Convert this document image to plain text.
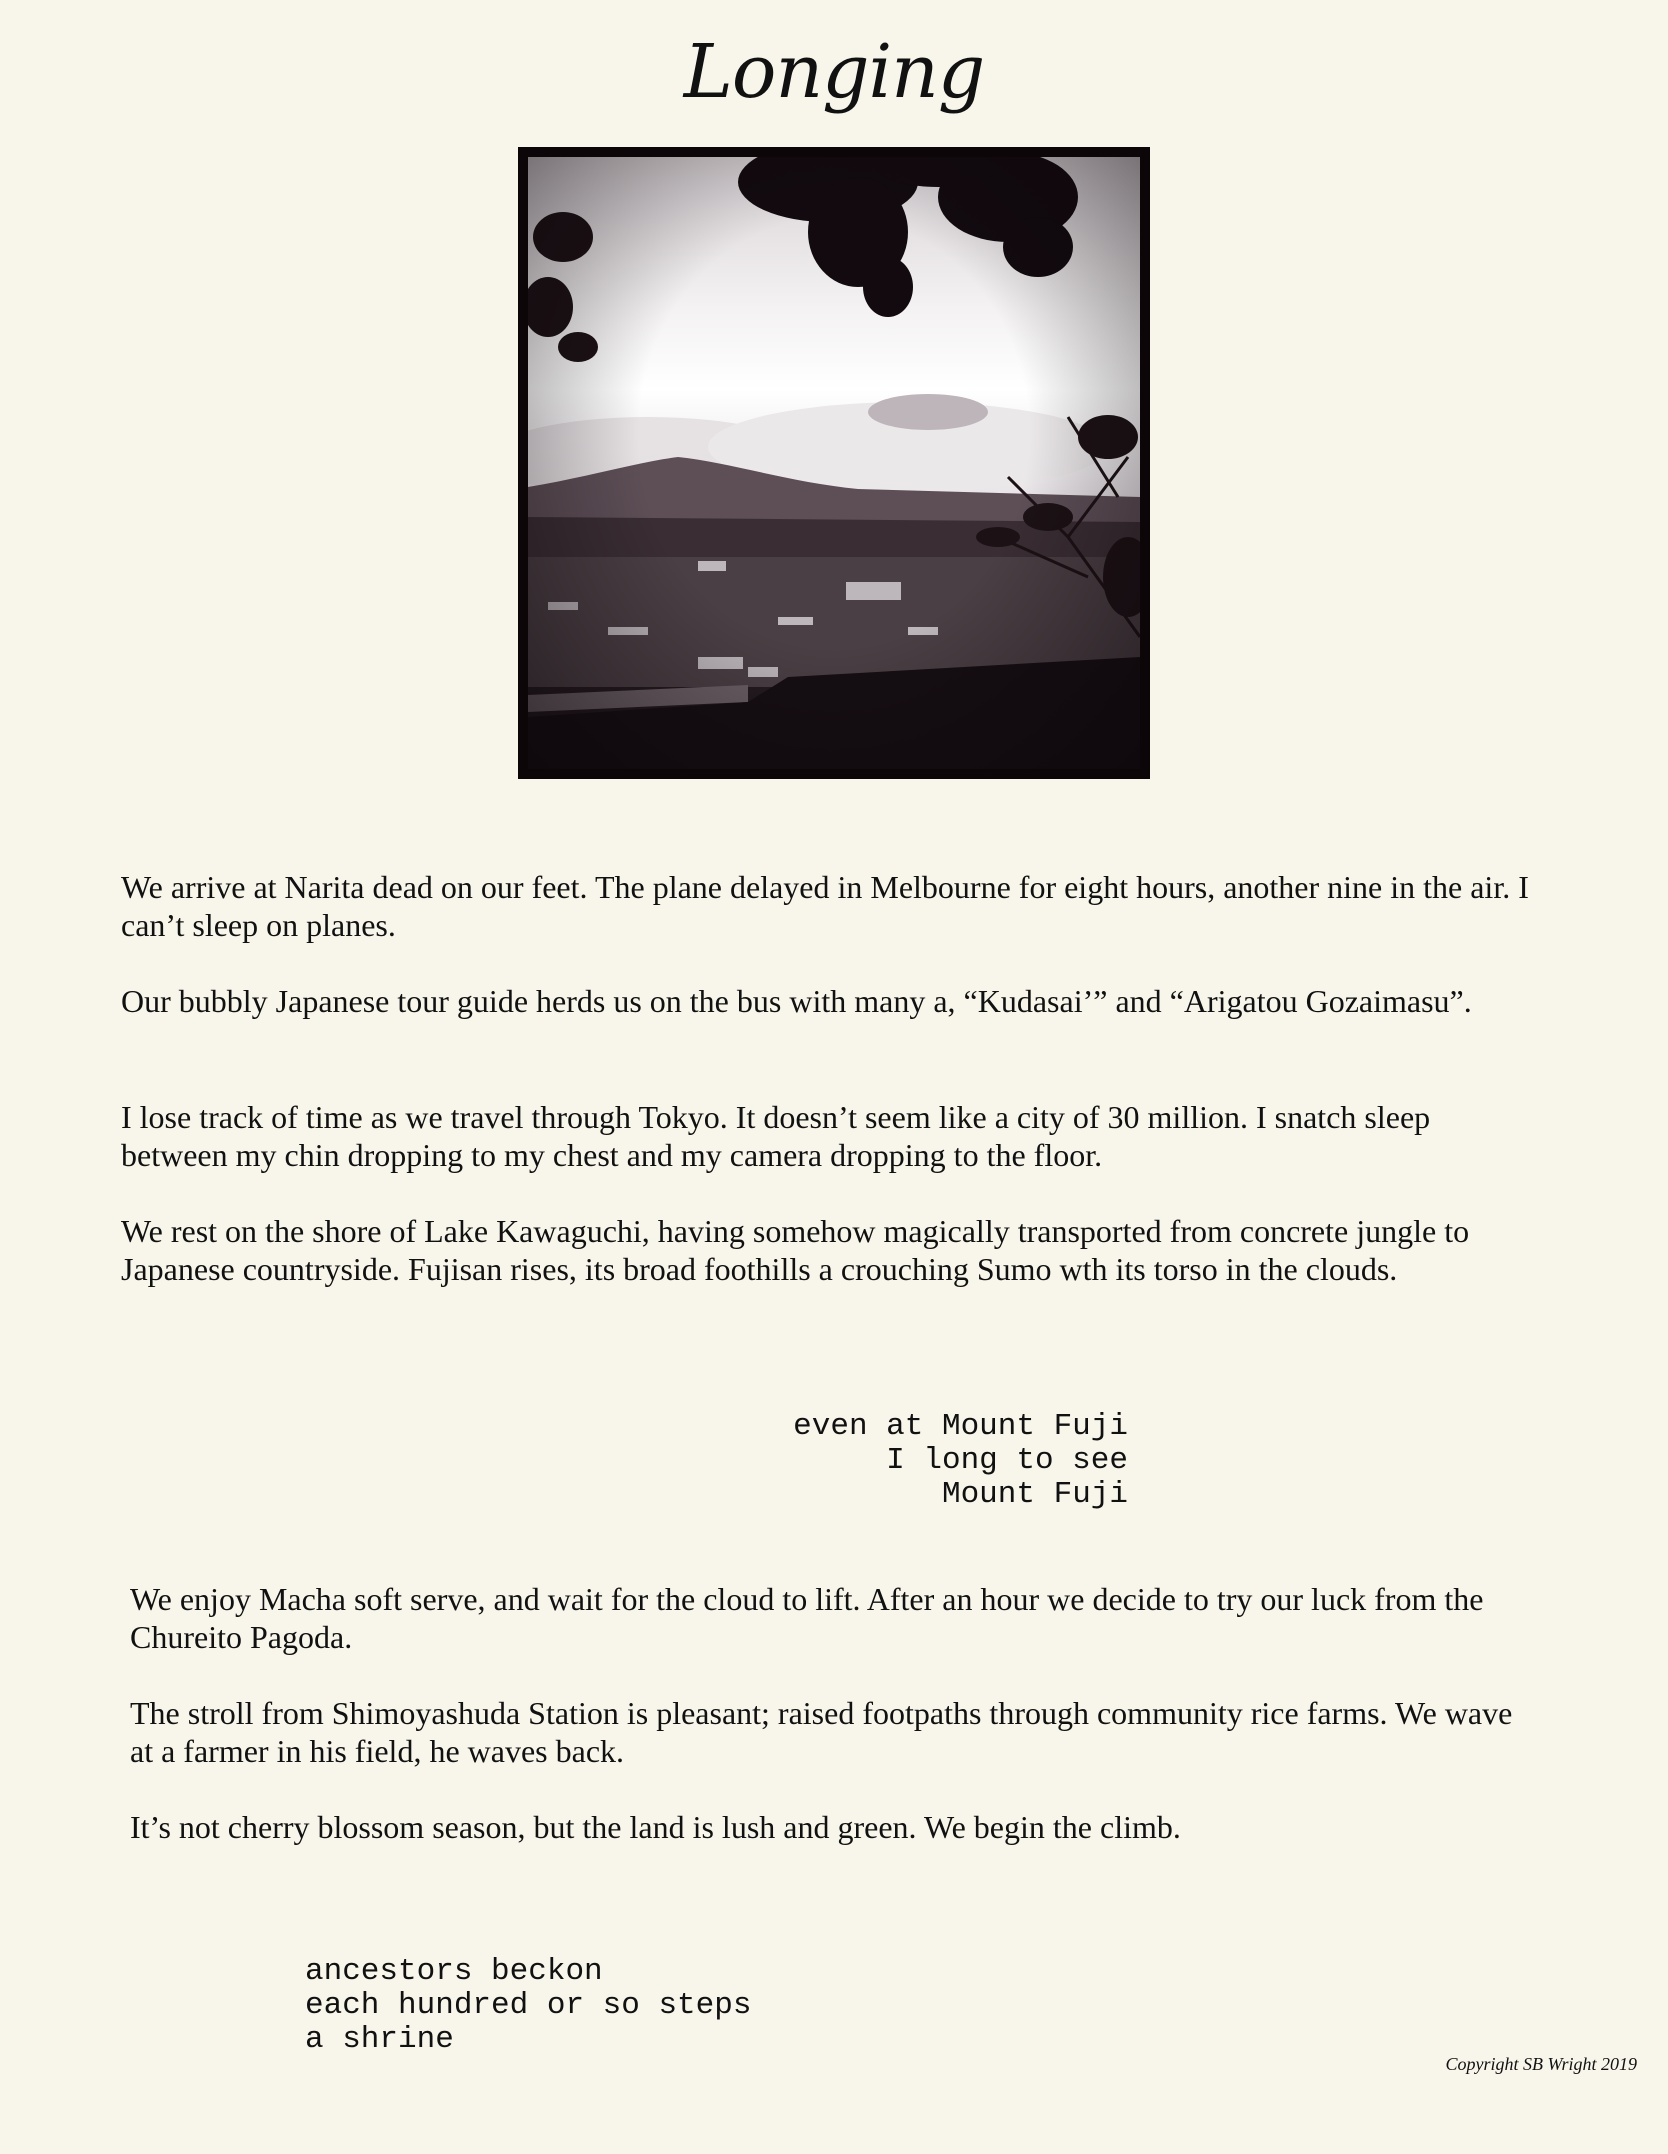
Longing

We arrive at Narita dead on our feet. The plane delayed in Melbourne for eight hours, another nine in the air. I can’t sleep on planes.

Our bubbly Japanese tour guide herds us on the bus with many a, “Kudasai’” and “Arigatou Gozaimasu”.

I lose track of time as we travel through Tokyo. It doesn’t seem like a city of 30 million. I snatch sleep between my chin dropping to my chest and my camera dropping to the floor.

We rest on the shore of Lake Kawaguchi, having somehow magically transported from concrete jungle to Japanese countryside. Fujisan rises, its broad foothills a crouching Sumo wth its torso in the clouds.

even at Mount Fuji

I long to see

Mount Fuji

We enjoy Macha soft serve, and wait for the cloud to lift. After an hour we decide to try our luck from the Chureito Pagoda.

The stroll from Shimoyashuda Station is pleasant; raised footpaths through community rice farms. We wave at a farmer in his field, he waves back.

It’s not cherry blossom season, but the land is lush and green. We begin the climb.

ancestors beckon

each hundred or so steps

a shrine

Copyright SB Wright 2019
